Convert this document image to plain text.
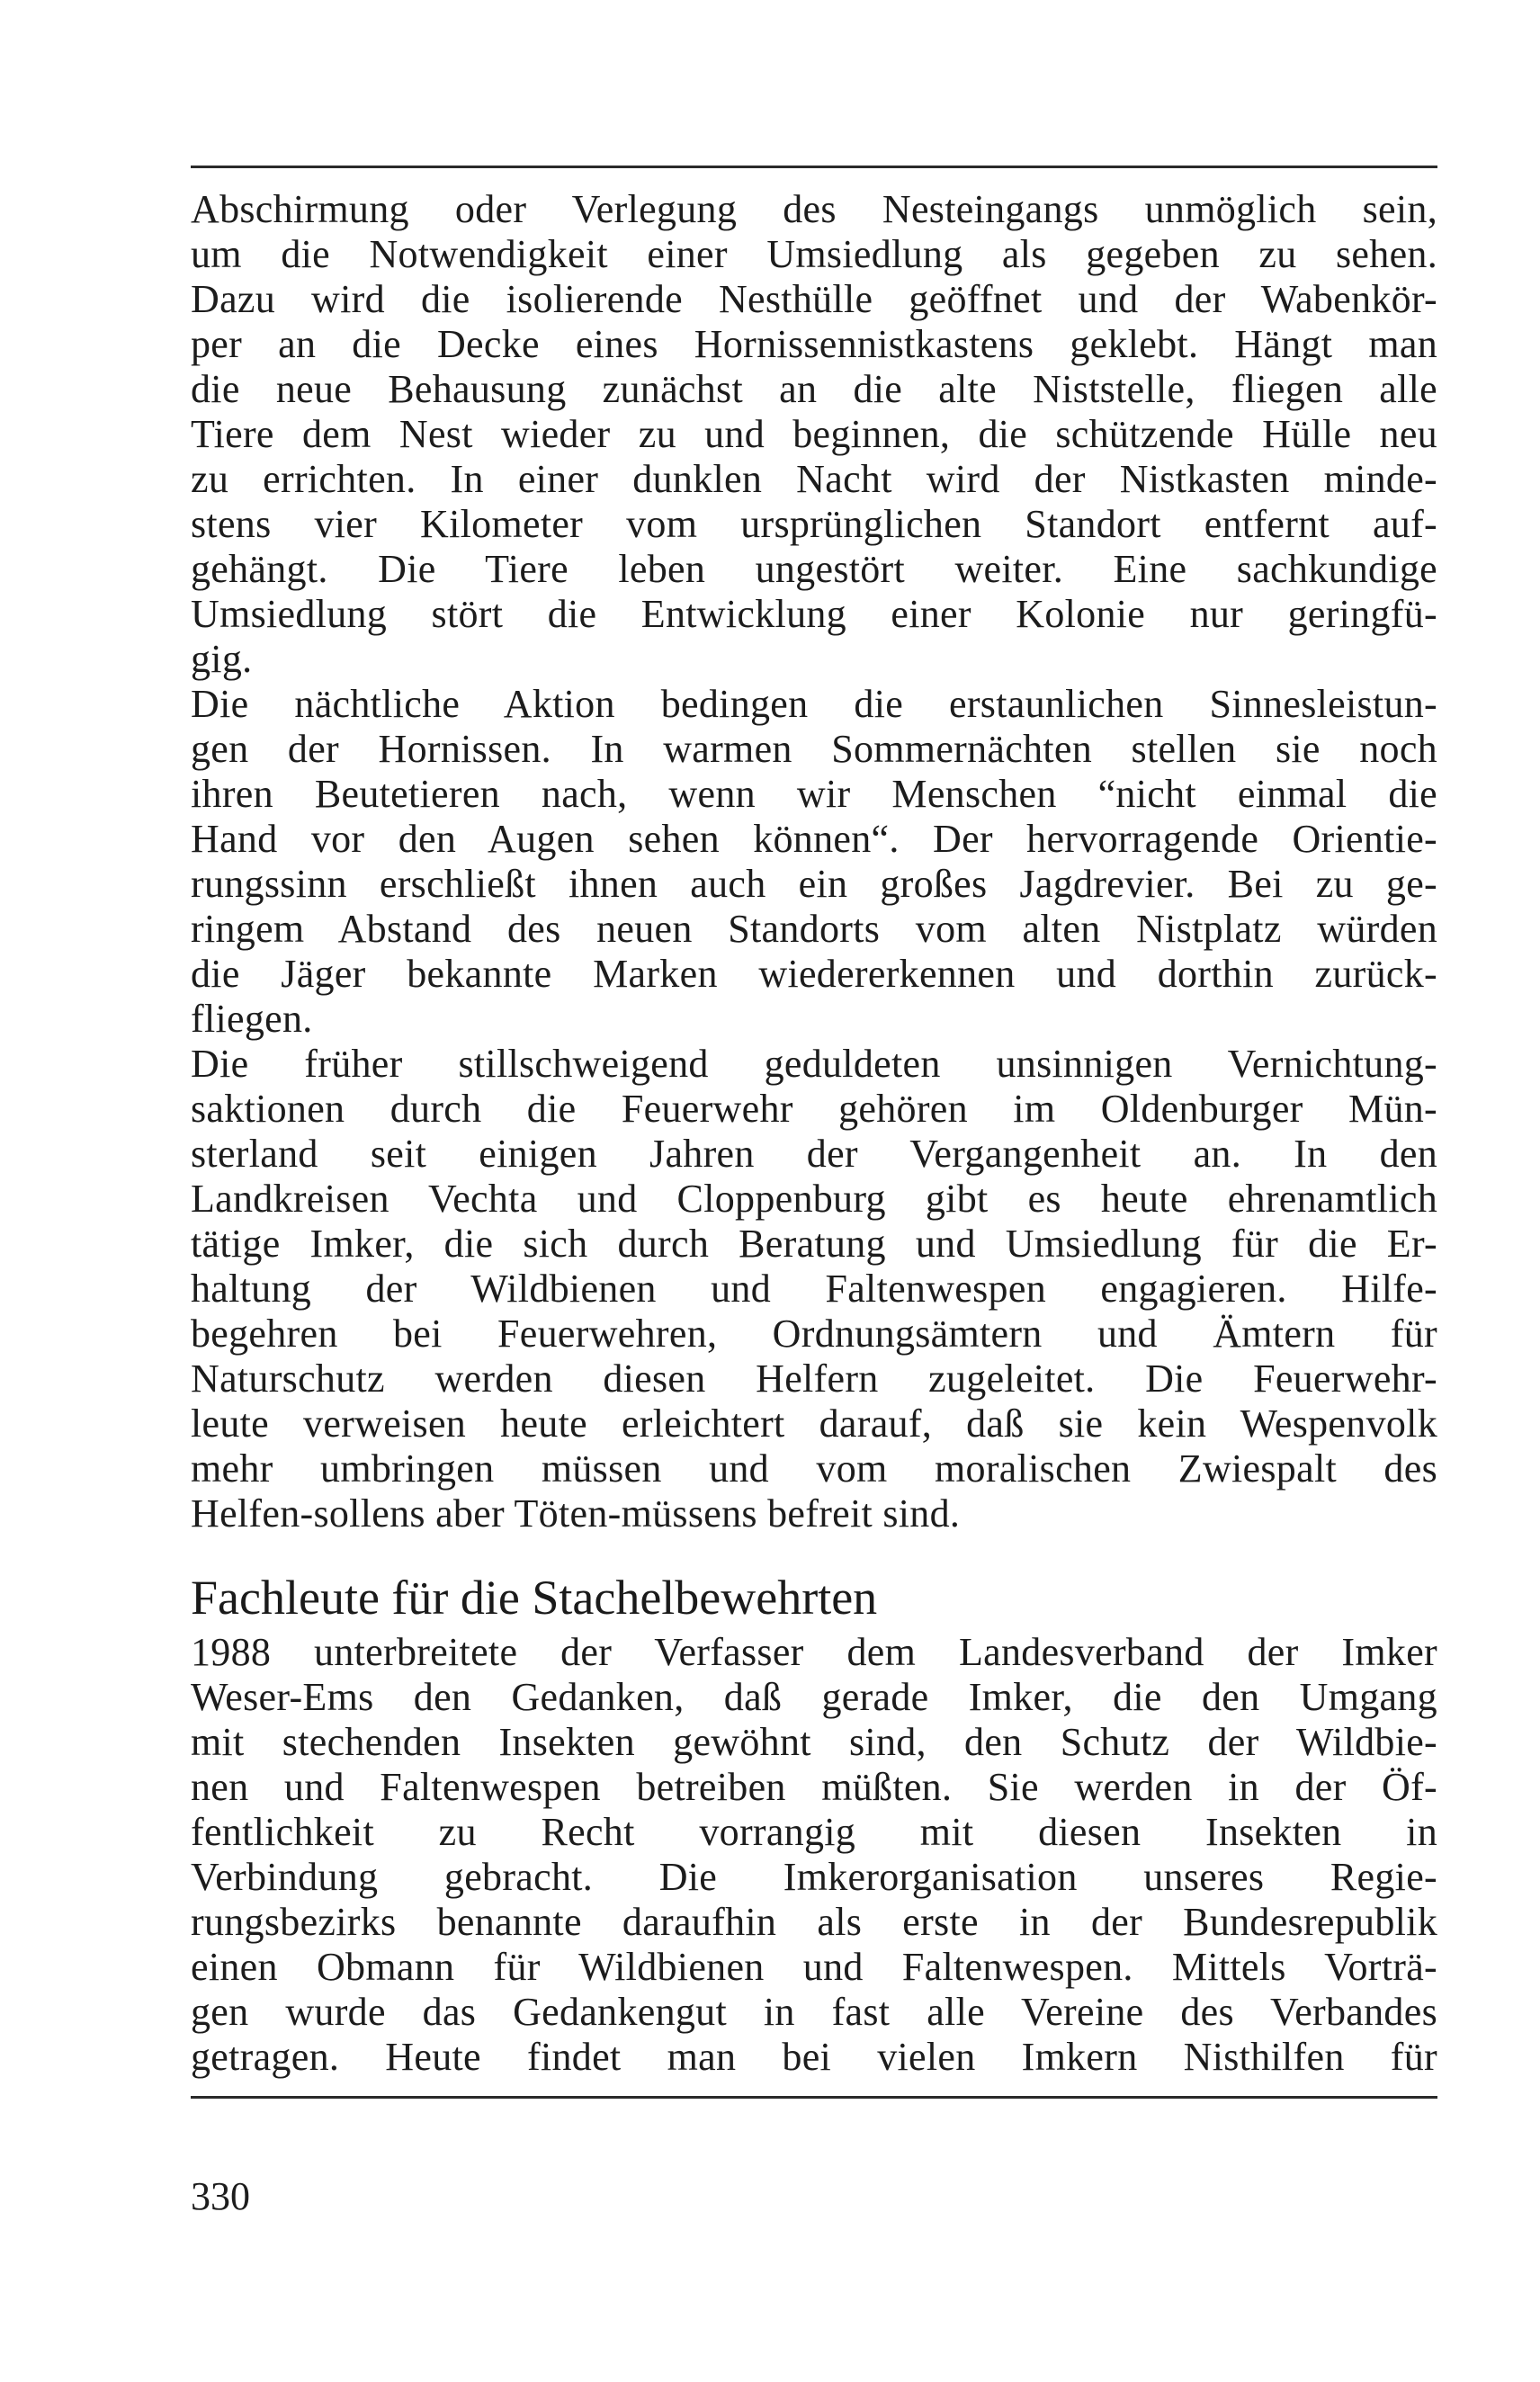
Abschirmung oder Verlegung des Nesteingangs unmöglich sein,
um die Notwendigkeit einer Umsiedlung als gegeben zu sehen.
Dazu wird die isolierende Nesthülle geöffnet und der Wabenkör-
per an die Decke eines Hornissennistkastens geklebt. Hängt man
die neue Behausung zunächst an die alte Niststelle, fliegen alle
Tiere dem Nest wieder zu und beginnen, die schützende Hülle neu
zu errichten. In einer dunklen Nacht wird der Nistkasten minde-
stens vier Kilometer vom ursprünglichen Standort entfernt auf-
gehängt. Die Tiere leben ungestört weiter. Eine sachkundige
Umsiedlung stört die Entwicklung einer Kolonie nur geringfü-
gig.
Die nächtliche Aktion bedingen die erstaunlichen Sinnesleistun-
gen der Hornissen. In warmen Sommernächten stellen sie noch
ihren Beutetieren nach, wenn wir Menschen “nicht einmal die
Hand vor den Augen sehen können“. Der hervorragende Orientie-
rungssinn erschließt ihnen auch ein großes Jagdrevier. Bei zu ge-
ringem Abstand des neuen Standorts vom alten Nistplatz würden
die Jäger bekannte Marken wiedererkennen und dorthin zurück-
fliegen.
Die früher stillschweigend geduldeten unsinnigen Vernichtung-
saktionen durch die Feuerwehr gehören im Oldenburger Mün-
sterland seit einigen Jahren der Vergangenheit an. In den
Landkreisen Vechta und Cloppenburg gibt es heute ehrenamtlich
tätige Imker, die sich durch Beratung und Umsiedlung für die Er-
haltung der Wildbienen und Faltenwespen engagieren. Hilfe-
begehren bei Feuerwehren, Ordnungsämtern und Ämtern für
Naturschutz werden diesen Helfern zugeleitet. Die Feuerwehr-
leute verweisen heute erleichtert darauf, daß sie kein Wespenvolk
mehr umbringen müssen und vom moralischen Zwiespalt des
Helfen-sollens aber Töten-müssens befreit sind.
Fachleute für die Stachelbewehrten
1988 unterbreitete der Verfasser dem Landesverband der Imker
Weser-Ems den Gedanken, daß gerade Imker, die den Umgang
mit stechenden Insekten gewöhnt sind, den Schutz der Wildbie-
nen und Faltenwespen betreiben müßten. Sie werden in der Öf-
fentlichkeit zu Recht vorrangig mit diesen Insekten in
Verbindung gebracht. Die Imkerorganisation unseres Regie-
rungsbezirks benannte daraufhin als erste in der Bundesrepublik
einen Obmann für Wildbienen und Faltenwespen. Mittels Vorträ-
gen wurde das Gedankengut in fast alle Vereine des Verbandes
getragen. Heute findet man bei vielen Imkern Nisthilfen für
330
